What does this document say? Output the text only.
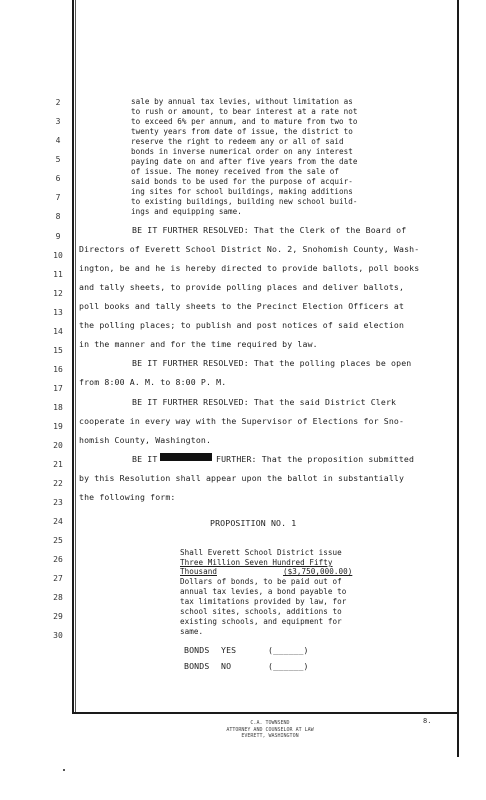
2
3
4
5
6
7
8
9
10
11
12
13
14
15
16
17
18
19
20
21
22
23
24
25
26
27
28
29
30
sale by annual tax levies, without limitation as
to rush or amount, to bear interest at a rate not
to exceed 6% per annum, and to mature from two to
twenty years from date of issue, the district to
reserve the right to redeem any or all of said
bonds in inverse numerical order on any interest
paying date on and after five years from the date
of issue. The money received from the sale of
said bonds to be used for the purpose of acquir-
ing sites for school buildings, making additions
to existing buildings, building new school build-
ings and equipping same.
BE IT FURTHER RESOLVED: That the Clerk of the Board of
Directors of Everett School District No. 2, Snohomish County, Wash-
ington, be and he is hereby directed to provide ballots, poll books
and tally sheets, to provide polling places and deliver ballots,
poll books and tally sheets to the Precinct Election Officers at
the polling places; to publish and post notices of said election
in the manner and for the time required by law.
BE IT FURTHER RESOLVED: That the polling places be open
from 8:00 A. M. to 8:00 P. M.
BE IT FURTHER RESOLVED: That the said District Clerk
cooperate in every way with the Supervisor of Elections for Sno-
homish County, Washington.
BE IT	FURTHER: That the proposition submitted
by this Resolution shall appear upon the ballot in substantially
the following form:
PROPOSITION NO. 1
Shall Everett School District issue
Three Million Seven Hundred Fifty
Thousand	($3,750,000.00)
Dollars of bonds, to be paid out of
annual tax levies, a bond payable to
tax limitations provided by law, for
school sites, schools, additions to
existing schools, and equipment for
same.
BONDS YES	(______)
BONDS NO	(______)
C.A. TOWNSEND
ATTORNEY AND COUNSELOR AT LAW
EVERETT, WASHINGTON
8.
